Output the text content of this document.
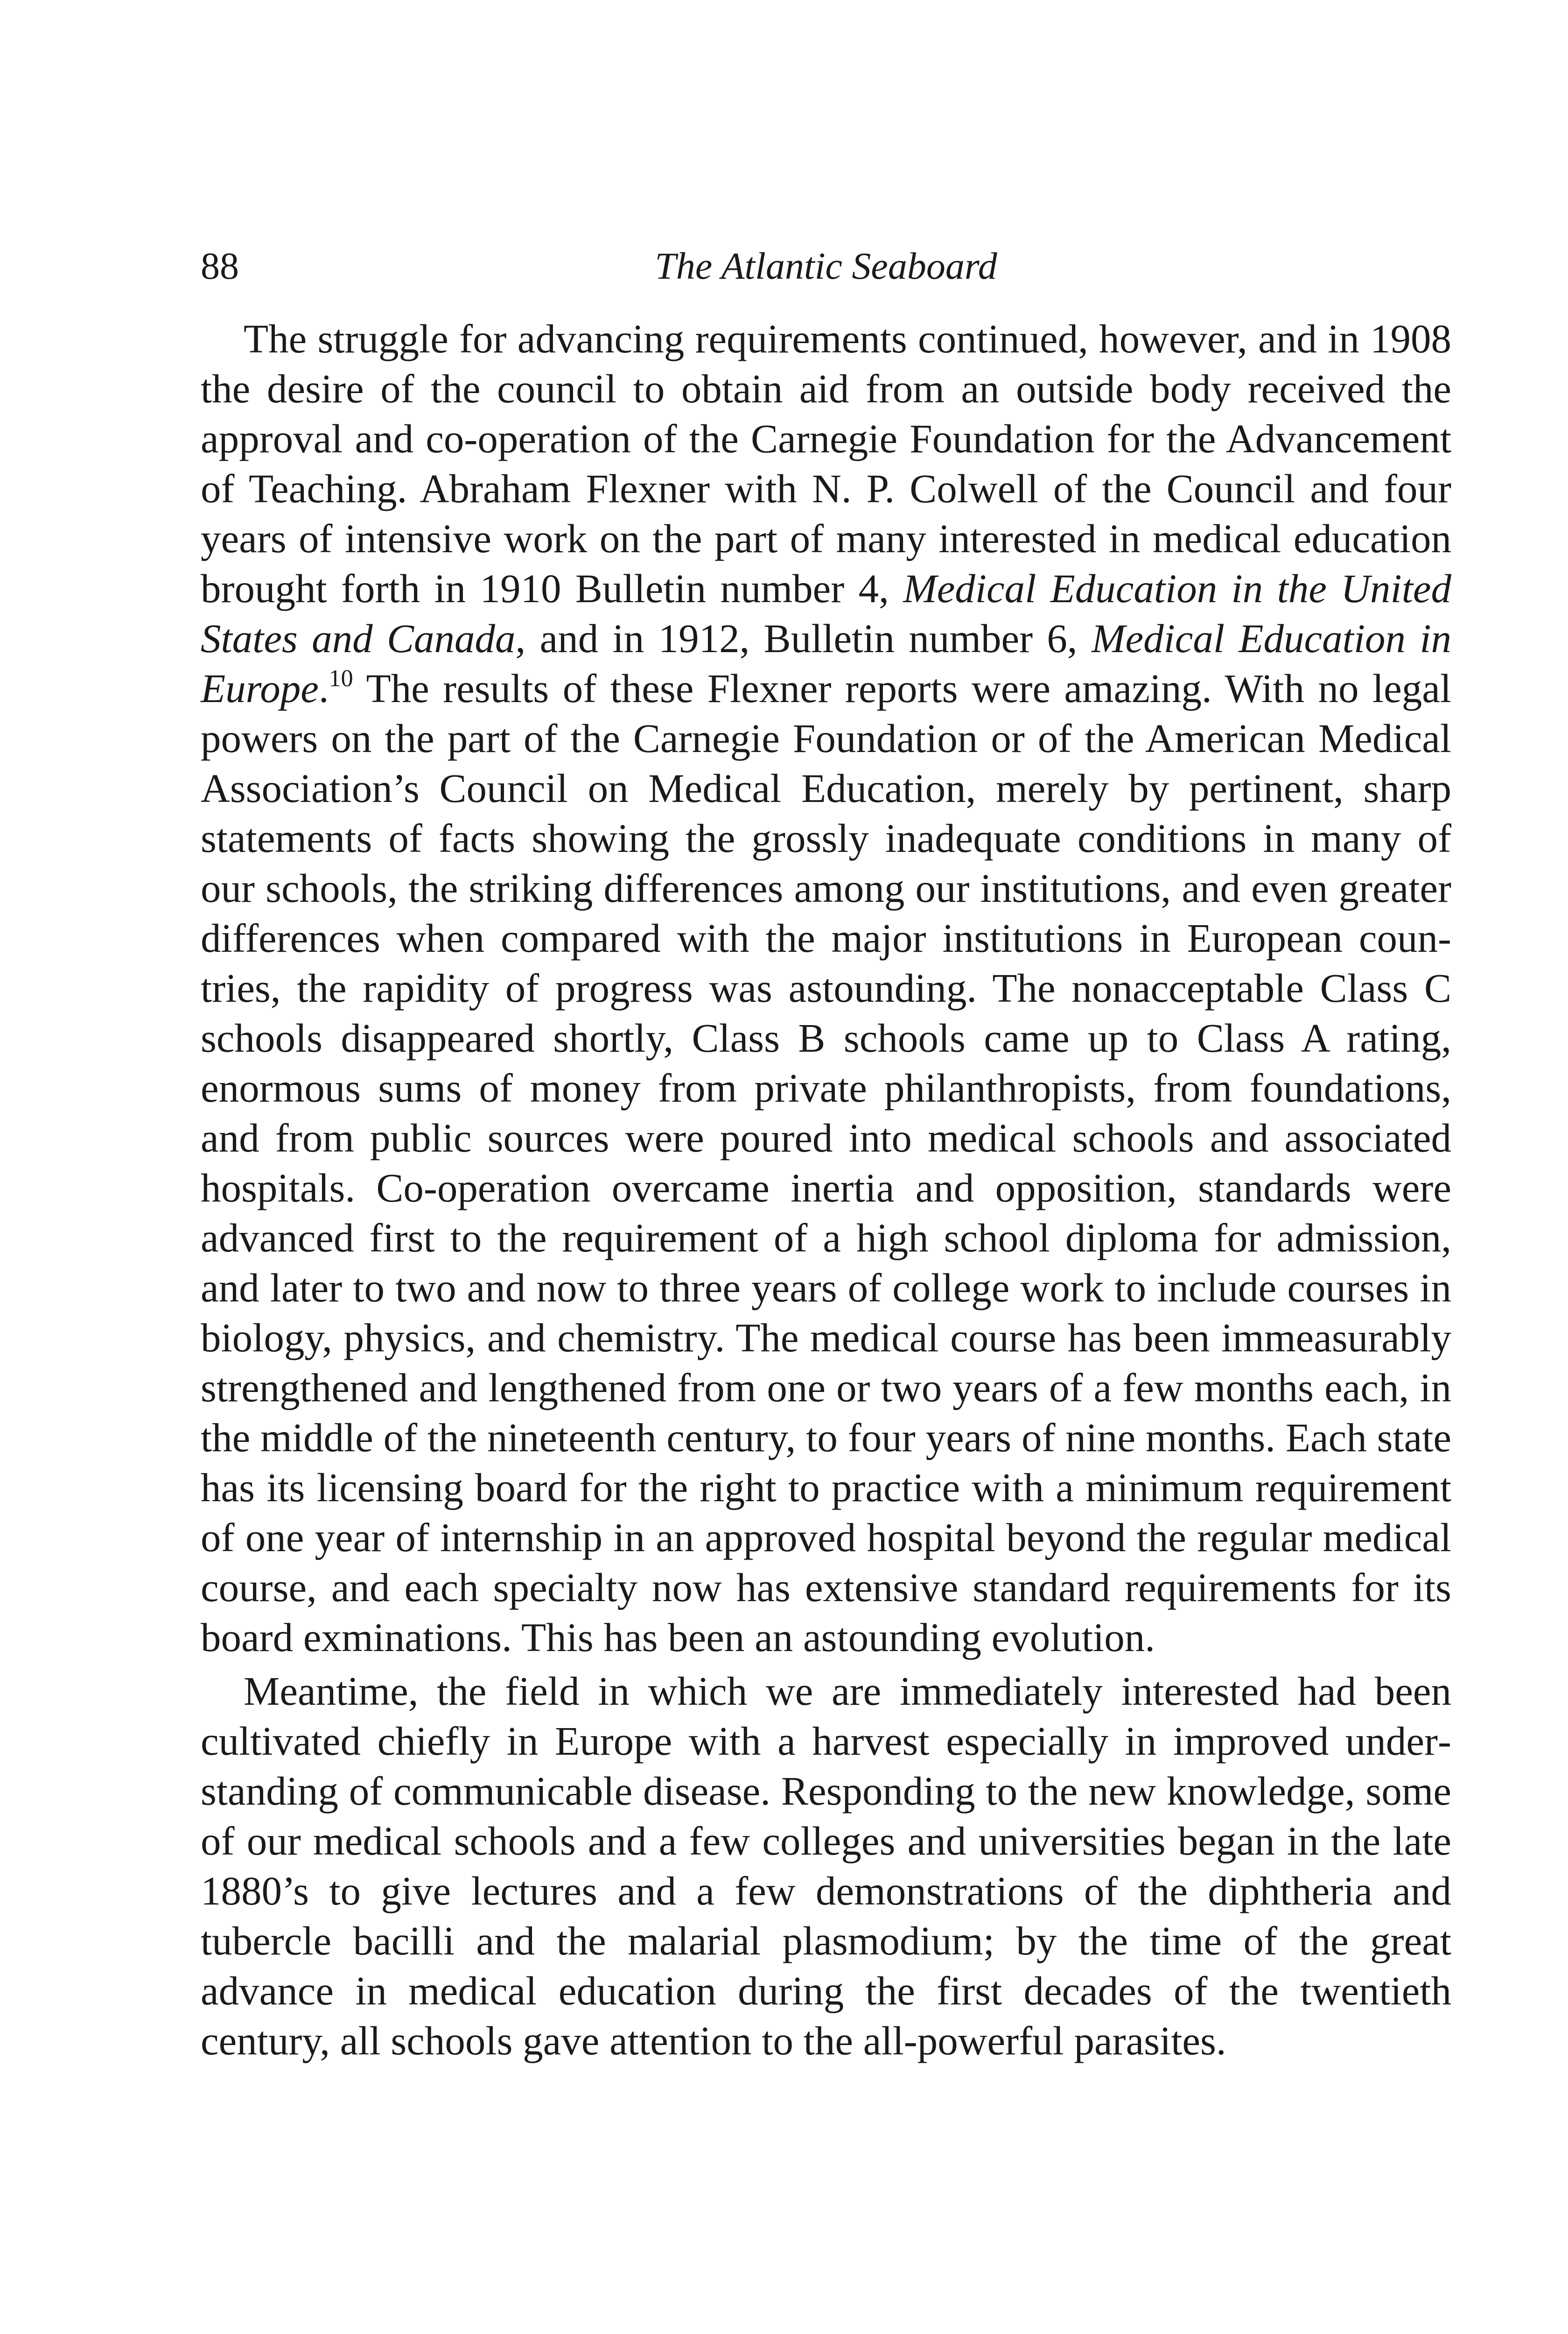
88	The Atlantic Seaboard

The struggle for advancing requirements continued, however, and in 1908 the desire of the council to obtain aid from an outside body received the approval and co-operation of the Carnegie Foundation for the Advancement of Teaching. Abraham Flexner with N. P. Colwell of the Council and four years of intensive work on the part of many interested in medical education brought forth in 1910 Bulletin number 4, Medical Education in the United States and Canada, and in 1912, Bulletin number 6, Medical Education in Europe.$^{10}$ The results of these Flexner reports were amazing. With no legal powers on the part of the Carnegie Foundation or of the American Medical Association’s Council on Medical Education, merely by pertinent, sharp statements of facts showing the grossly inadequate conditions in many of our schools, the striking differences among our institutions, and even greater differences when compared with the major institutions in European countries, the rapidity of progress was astounding. The nonacceptable Class C schools disappeared shortly, Class B schools came up to Class A rating, enormous sums of money from private philanthropists, from foundations, and from public sources were poured into medical schools and associated hospitals. Co-operation overcame inertia and opposition, standards were advanced first to the requirement of a high school diploma for admission, and later to two and now to three years of college work to include courses in biology, physics, and chemistry. The medical course has been immeasurably strengthened and lengthened from one or two years of a few months each, in the middle of the nineteenth century, to four years of nine months. Each state has its licensing board for the right to practice with a minimum requirement of one year of internship in an approved hospital beyond the regular medical course, and each specialty now has extensive standard requirements for its board exminations. This has been an astounding evolution.

Meantime, the field in which we are immediately interested had been cultivated chiefly in Europe with a harvest especially in improved understanding of communicable disease. Responding to the new knowledge, some of our medical schools and a few colleges and universities began in the late 1880’s to give lectures and a few demonstrations of the diphtheria and tubercle bacilli and the malarial plasmodium; by the time of the great advance in medical education during the first decades of the twentieth century, all schools gave attention to the all-powerful parasites.
